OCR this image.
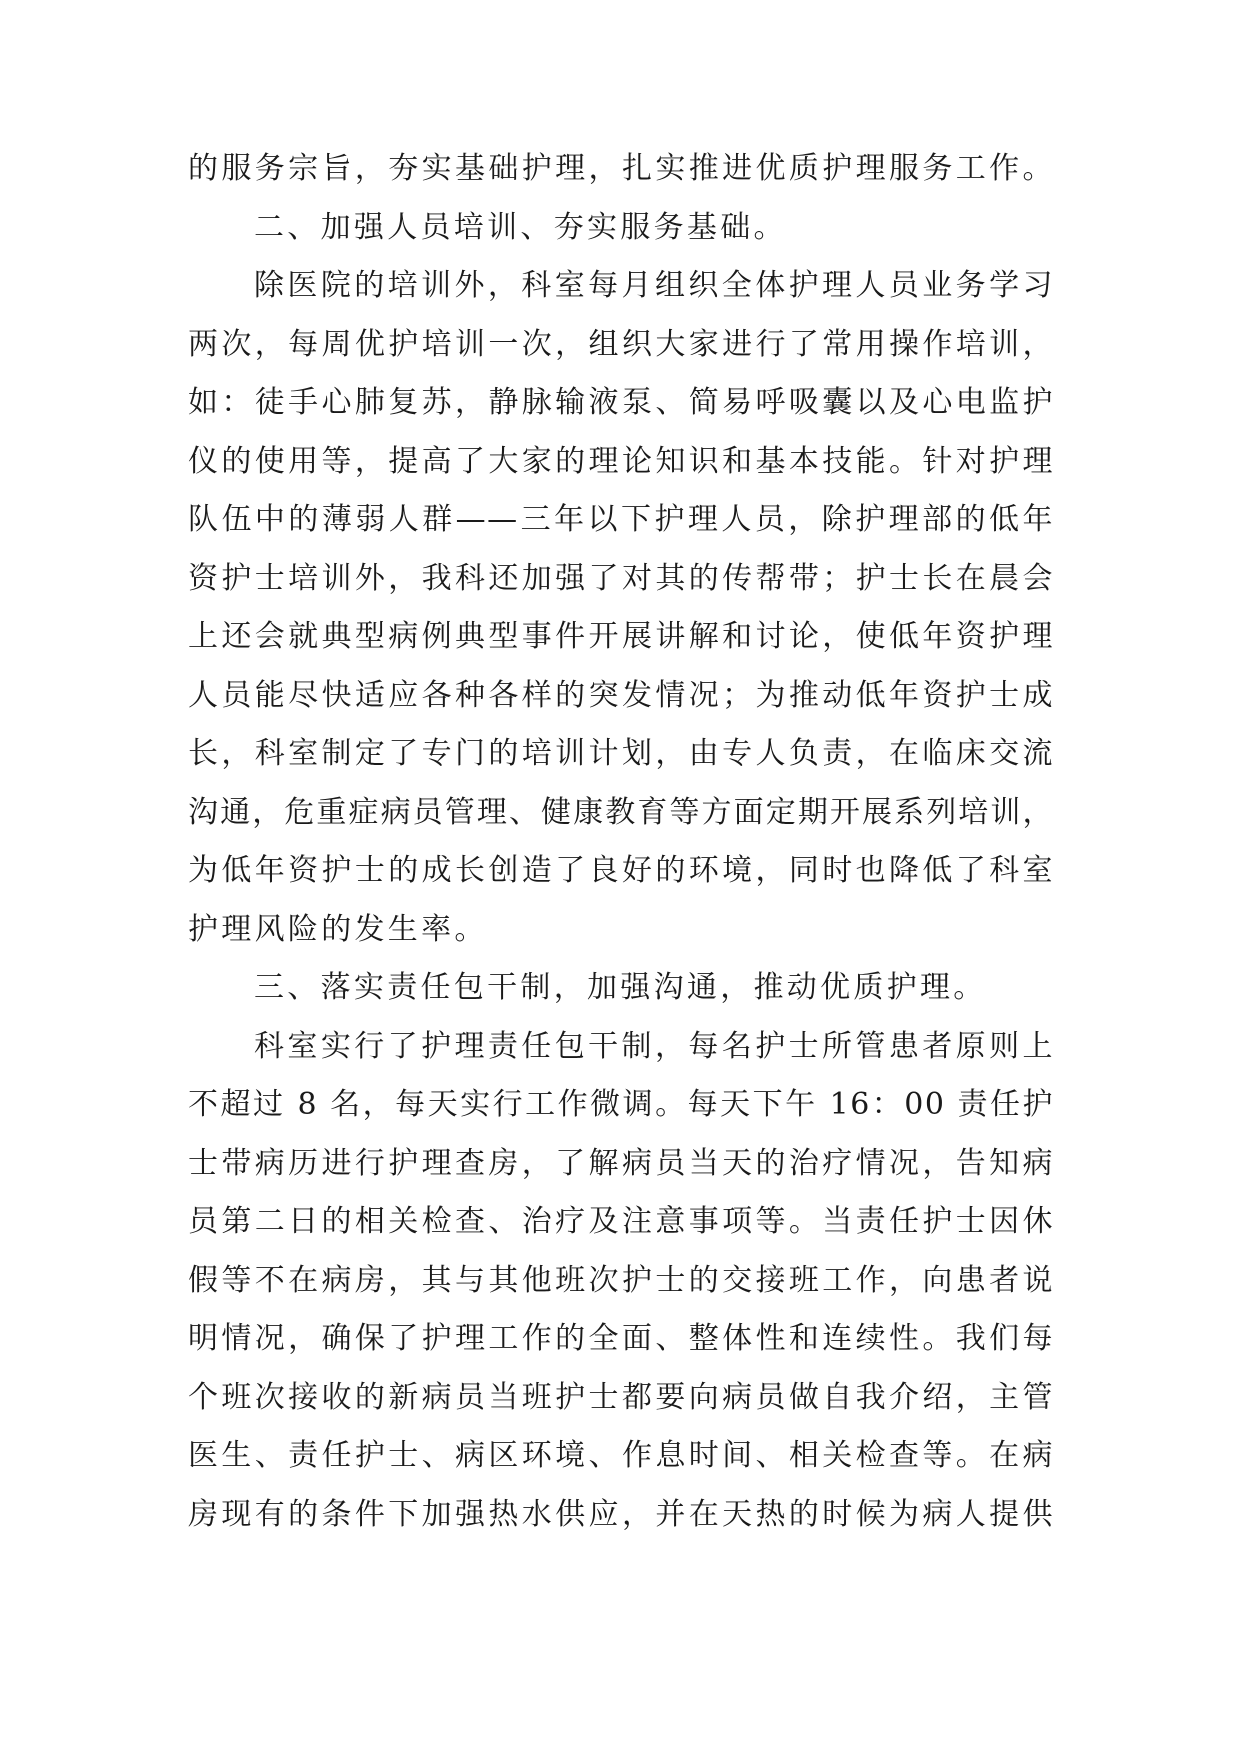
的服务宗旨，夯实基础护理，扎实推进优质护理服务工作。
二、加强人员培训、夯实服务基础。
除医院的培训外，科室每月组织全体护理人员业务学习
两次，每周优护培训一次，组织大家进行了常用操作培训，
如：徒手心肺复苏，静脉输液泵、简易呼吸囊以及心电监护
仪的使用等，提高了大家的理论知识和基本技能。针对护理
队伍中的薄弱人群——三年以下护理人员，除护理部的低年
资护士培训外，我科还加强了对其的传帮带；护士长在晨会
上还会就典型病例典型事件开展讲解和讨论，使低年资护理
人员能尽快适应各种各样的突发情况；为推动低年资护士成
长，科室制定了专门的培训计划，由专人负责，在临床交流
沟通，危重症病员管理、健康教育等方面定期开展系列培训，
为低年资护士的成长创造了良好的环境，同时也降低了科室
护理风险的发生率。
三、落实责任包干制，加强沟通，推动优质护理。
科室实行了护理责任包干制，每名护士所管患者原则上
不超过 8 名，每天实行工作微调。每天下午 16：00 责任护
士带病历进行护理查房，了解病员当天的治疗情况，告知病
员第二日的相关检查、治疗及注意事项等。当责任护士因休
假等不在病房，其与其他班次护士的交接班工作，向患者说
明情况，确保了护理工作的全面、整体性和连续性。我们每
个班次接收的新病员当班护士都要向病员做自我介绍，主管
医生、责任护士、病区环境、作息时间、相关检查等。在病
房现有的条件下加强热水供应，并在天热的时候为病人提供
